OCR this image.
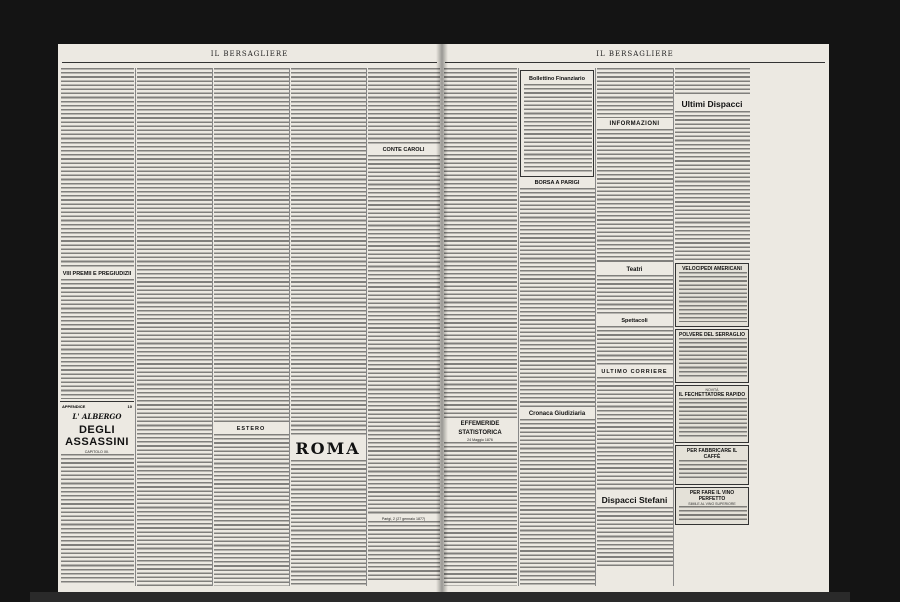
IL BERSAGLIERE
VIII PREMII E PREGIUDIZII
APPENDICE	10
L' ALBERGO
DEGLI ASSASSINI
CAPITOLO XII.
ESTERO
ROMA
CONTE CAROLI
Parigi, 2 (27 gennaio 1877)
IL BERSAGLIERE
EFFEMERIDE
STATISTORICA
24 Maggio 1876
Bollettino Finanziario
BORSA A PARIGI
Cronaca Giudiziaria
INFORMAZIONI
Teatri
Spettacoli
ULTIMO CORRIERE
Dispacci Stefani
Ultimi Dispacci
VELOCIPEDI AMERICANI
POLVERE DEL SERRAGLIO
NOVITÀ
IL FECHETTATORE RAPIDO
PER FABBRICARE IL CAFFÈ
PER FARE IL VINO PERFETTO
SIMILE AL VINO SUPERIORE
